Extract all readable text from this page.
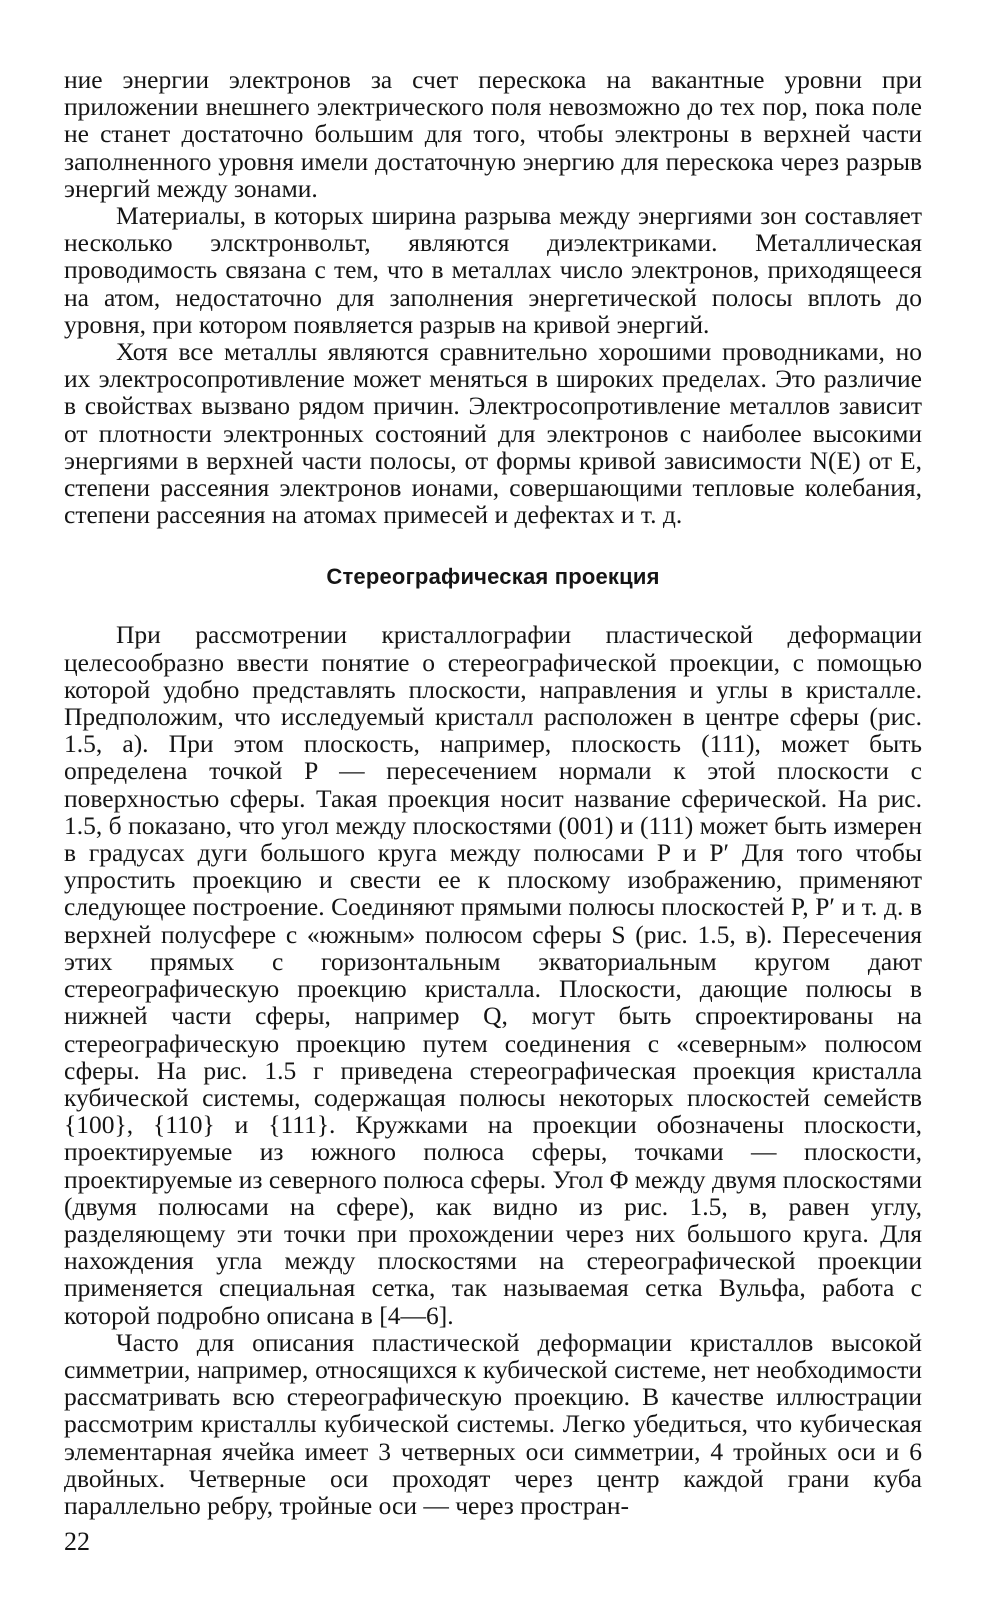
ние энергии электронов за счет перескока на вакантные уровни при приложении внешнего электрического поля невозможно до тех пор, пока поле не станет достаточно большим для того, чтобы электроны в верхней части заполненного уровня имели достаточную энергию для перескока через разрыв энергий между зонами.

Материалы, в которых ширина разрыва между энергиями зон составляет несколько элсктронвольт, являются диэлектриками. Металлическая проводимость связана с тем, что в металлах число электронов, приходящееся на атом, недостаточно для заполнения энергетической полосы вплоть до уровня, при котором появляется разрыв на кривой энергий.

Хотя все металлы являются сравнительно хорошими проводниками, но их электросопротивление может меняться в широких пределах. Это различие в свойствах вызвано рядом причин. Электросопротивление металлов зависит от плотности электронных состояний для электронов с наиболее высокими энергиями в верхней части полосы, от формы кривой зависимости N(E) от E, степени рассеяния электронов ионами, совершающими тепловые колебания, степени рассеяния на атомах примесей и дефектах и т. д.

Стереографическая проекция

При рассмотрении кристаллографии пластической деформации целесообразно ввести понятие о стереографической проекции, с помощью которой удобно представлять плоскости, направления и углы в кристалле. Предположим, что исследуемый кристалл расположен в центре сферы (рис. 1.5, а). При этом плоскость, например, плоскость (111), может быть определена точкой P — пересечением нормали к этой плоскости с поверхностью сферы. Такая проекция носит название сферической. На рис. 1.5, б показано, что угол между плоскостями (001) и (111) может быть измерен в градусах дуги большого круга между полюсами P и P′ Для того чтобы упростить проекцию и свести ее к плоскому изображению, применяют следующее построение. Соединяют прямыми полюсы плоскостей P, P′ и т. д. в верхней полусфере с «южным» полюсом сферы S (рис. 1.5, в). Пересечения этих прямых с горизонтальным экваториальным кругом дают стереографическую проекцию кристалла. Плоскости, дающие полюсы в нижней части сферы, например Q, могут быть спроектированы на стереографическую проекцию путем соединения с «северным» полюсом сферы. На рис. 1.5 г приведена стереографическая проекция кристалла кубической системы, содержащая полюсы некоторых плоскостей семейств {100}, {110} и {111}. Кружками на проекции обозначены плоскости, проектируемые из южного полюса сферы, точками — плоскости, проектируемые из северного полюса сферы. Угол Φ между двумя плоскостями (двумя полюсами на сфере), как видно из рис. 1.5, в, равен углу, разделяющему эти точки при прохождении через них большого круга. Для нахождения угла между плоскостями на стереографической проекции применяется специальная сетка, так называемая сетка Вульфа, работа с которой подробно описана в [4—6].

Часто для описания пластической деформации кристаллов высокой симметрии, например, относящихся к кубической системе, нет необходимости рассматривать всю стереографическую проекцию. В качестве иллюстрации рассмотрим кристаллы кубической системы. Легко убедиться, что кубическая элементарная ячейка имеет 3 четверных оси симметрии, 4 тройных оси и 6 двойных. Четверные оси проходят через центр каждой грани куба параллельно ребру, тройные оси — через простран-

22
